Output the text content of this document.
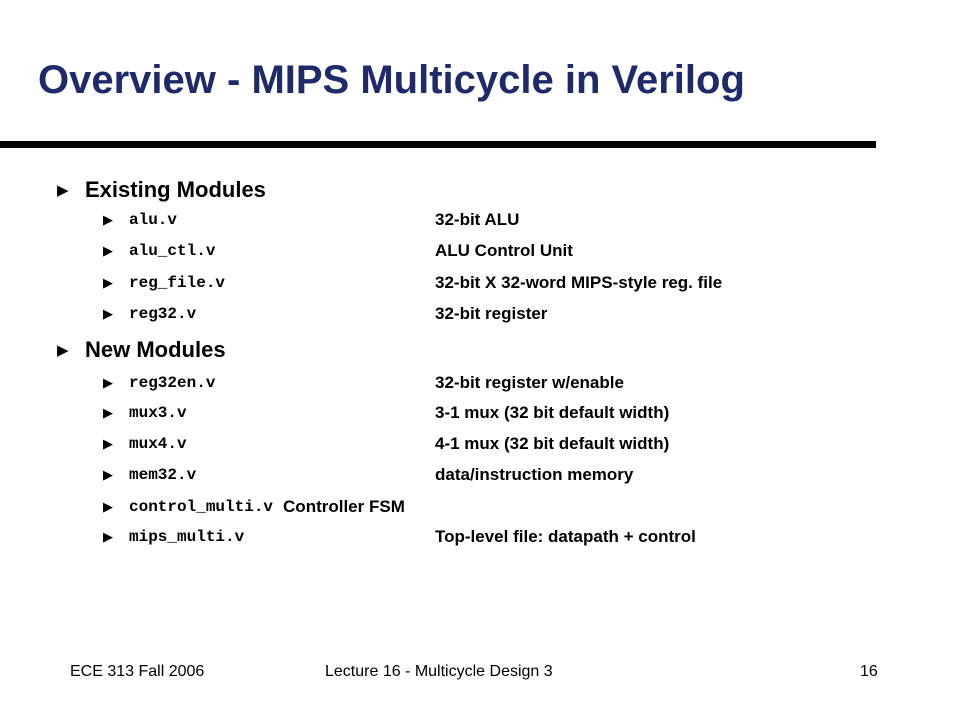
Overview - MIPS Multicycle in Verilog
▶ Existing Modules
▶	alu.v	32-bit ALU
▶	alu_ctl.v	ALU Control Unit
▶	reg_file.v	32-bit X 32-word MIPS-style reg. file
▶	reg32.v	32-bit register
▶ New Modules
▶	reg32en.v	32-bit register w/enable
▶	mux3.v	3-1 mux (32 bit default width)
▶	mux4.v	4-1 mux (32 bit default width)
▶	mem32.v	data/instruction memory
▶	control_multi.v Controller FSM
▶	mips_multi.v	Top-level file: datapath + control
ECE 313 Fall 2006	Lecture 16 - Multicycle Design 3	16
